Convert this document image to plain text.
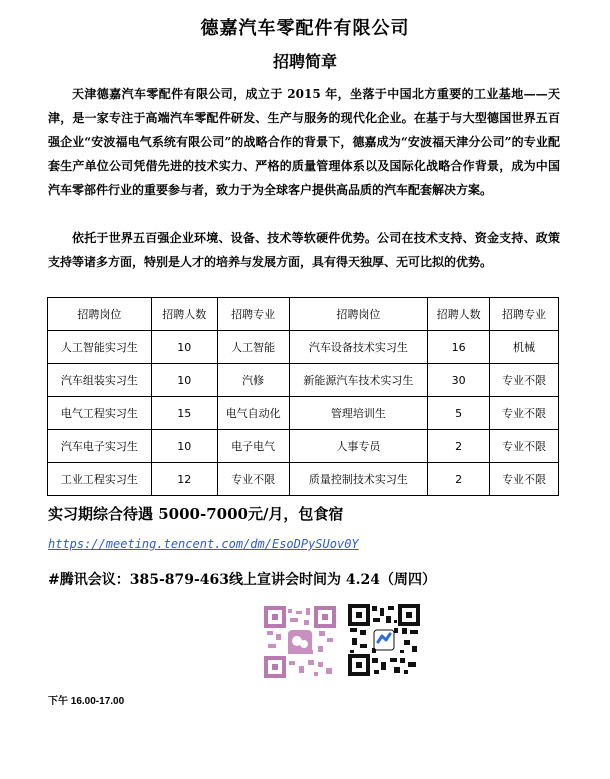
德嘉汽车零配件有限公司
招聘简章
天津德嘉汽车零配件有限公司，成立于 2015 年，坐落于中国北方重要的工业基地——天津，是一家专注于高端汽车零配件研发、生产与服务的现代化企业。在基于与大型德国世界五百强企业“安波福电气系统有限公司”的战略合作的背景下，德嘉成为“安波福天津分公司”的专业配套生产单位公司凭借先进的技术实力、严格的质量管理体系以及国际化战略合作背景，成为中国汽车零部件行业的重要参与者，致力于为全球客户提供高品质的汽车配套解决方案。
依托于世界五百强企业环境、设备、技术等软硬件优势。公司在技术支持、资金支持、政策支持等诸多方面，特别是人才的培养与发展方面，具有得天独厚、无可比拟的优势。
招聘岗位	招聘人数	招聘专业	招聘岗位	招聘人数	招聘专业
人工智能实习生	10	人工智能	汽车设备技术实习生	16	机械
汽车组装实习生	10	汽修	新能源汽车技术实习生	30	专业不限
电气工程实习生	15	电气自动化	管理培训生	5	专业不限
汽车电子实习生	10	电子电气	人事专员	2	专业不限
工业工程实习生	12	专业不限	质量控制技术实习生	2	专业不限
实习期综合待遇 5000-7000元/月，包食宿
https://meeting.tencent.com/dm/EsoDPySUov0Y
#腾讯会议：385-879-463线上宣讲会时间为 4.24（周四）
下午 16.00-17.00
